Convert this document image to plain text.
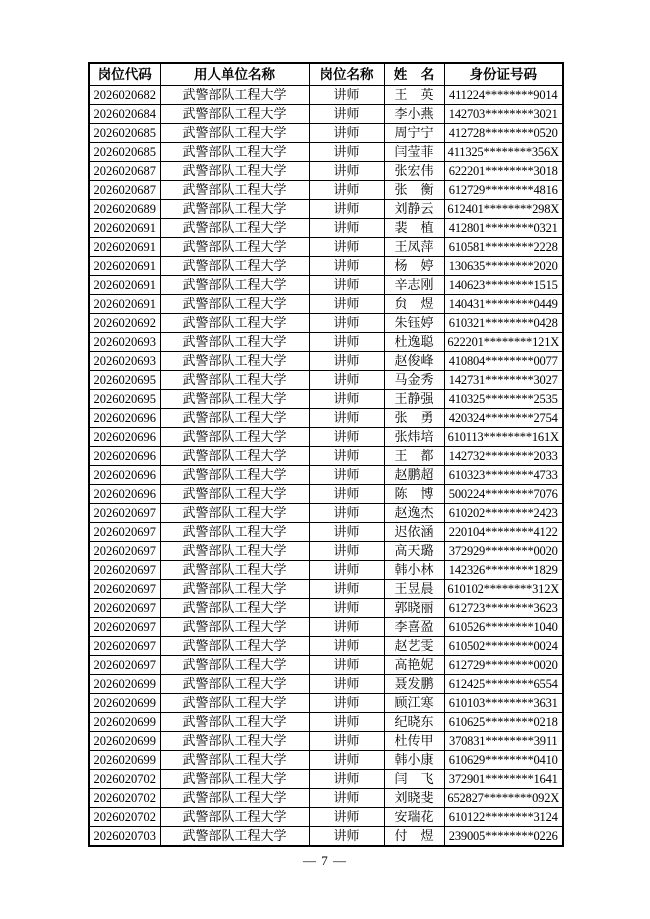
岗位代码	用人单位名称	岗位名称	姓　名	身份证号码
2026020682	武警部队工程大学	讲师	王　英	411224********9014
2026020684	武警部队工程大学	讲师	李小燕	142703********3021
2026020685	武警部队工程大学	讲师	周宁宁	412728********0520
2026020685	武警部队工程大学	讲师	闫莹菲	411325********356X
2026020687	武警部队工程大学	讲师	张宏伟	622201********3018
2026020687	武警部队工程大学	讲师	张　衡	612729********4816
2026020689	武警部队工程大学	讲师	刘静云	612401********298X
2026020691	武警部队工程大学	讲师	裴　植	412801********0321
2026020691	武警部队工程大学	讲师	王凤萍	610581********2228
2026020691	武警部队工程大学	讲师	杨　婷	130635********2020
2026020691	武警部队工程大学	讲师	辛志刚	140623********1515
2026020691	武警部队工程大学	讲师	贠　煜	140431********0449
2026020692	武警部队工程大学	讲师	朱钰婷	610321********0428
2026020693	武警部队工程大学	讲师	杜逸聪	622201********121X
2026020693	武警部队工程大学	讲师	赵俊峰	410804********0077
2026020695	武警部队工程大学	讲师	马金秀	142731********3027
2026020695	武警部队工程大学	讲师	王静强	410325********2535
2026020696	武警部队工程大学	讲师	张　勇	420324********2754
2026020696	武警部队工程大学	讲师	张炜培	610113********161X
2026020696	武警部队工程大学	讲师	王　都	142732********2033
2026020696	武警部队工程大学	讲师	赵鹏超	610323********4733
2026020696	武警部队工程大学	讲师	陈　博	500224********7076
2026020697	武警部队工程大学	讲师	赵逸杰	610202********2423
2026020697	武警部队工程大学	讲师	迟依涵	220104********4122
2026020697	武警部队工程大学	讲师	高天璐	372929********0020
2026020697	武警部队工程大学	讲师	韩小林	142326********1829
2026020697	武警部队工程大学	讲师	王昱晨	610102********312X
2026020697	武警部队工程大学	讲师	郭晓丽	612723********3623
2026020697	武警部队工程大学	讲师	李喜盈	610526********1040
2026020697	武警部队工程大学	讲师	赵艺雯	610502********0024
2026020697	武警部队工程大学	讲师	高艳妮	612729********0020
2026020699	武警部队工程大学	讲师	聂发鹏	612425********6554
2026020699	武警部队工程大学	讲师	顾江寒	610103********3631
2026020699	武警部队工程大学	讲师	纪晓东	610625********0218
2026020699	武警部队工程大学	讲师	杜传甲	370831********3911
2026020699	武警部队工程大学	讲师	韩小康	610629********0410
2026020702	武警部队工程大学	讲师	闫　飞	372901********1641
2026020702	武警部队工程大学	讲师	刘晓斐	652827********092X
2026020702	武警部队工程大学	讲师	安瑞花	610122********3124
2026020703	武警部队工程大学	讲师	付　煜	239005********0226
— 7 —
